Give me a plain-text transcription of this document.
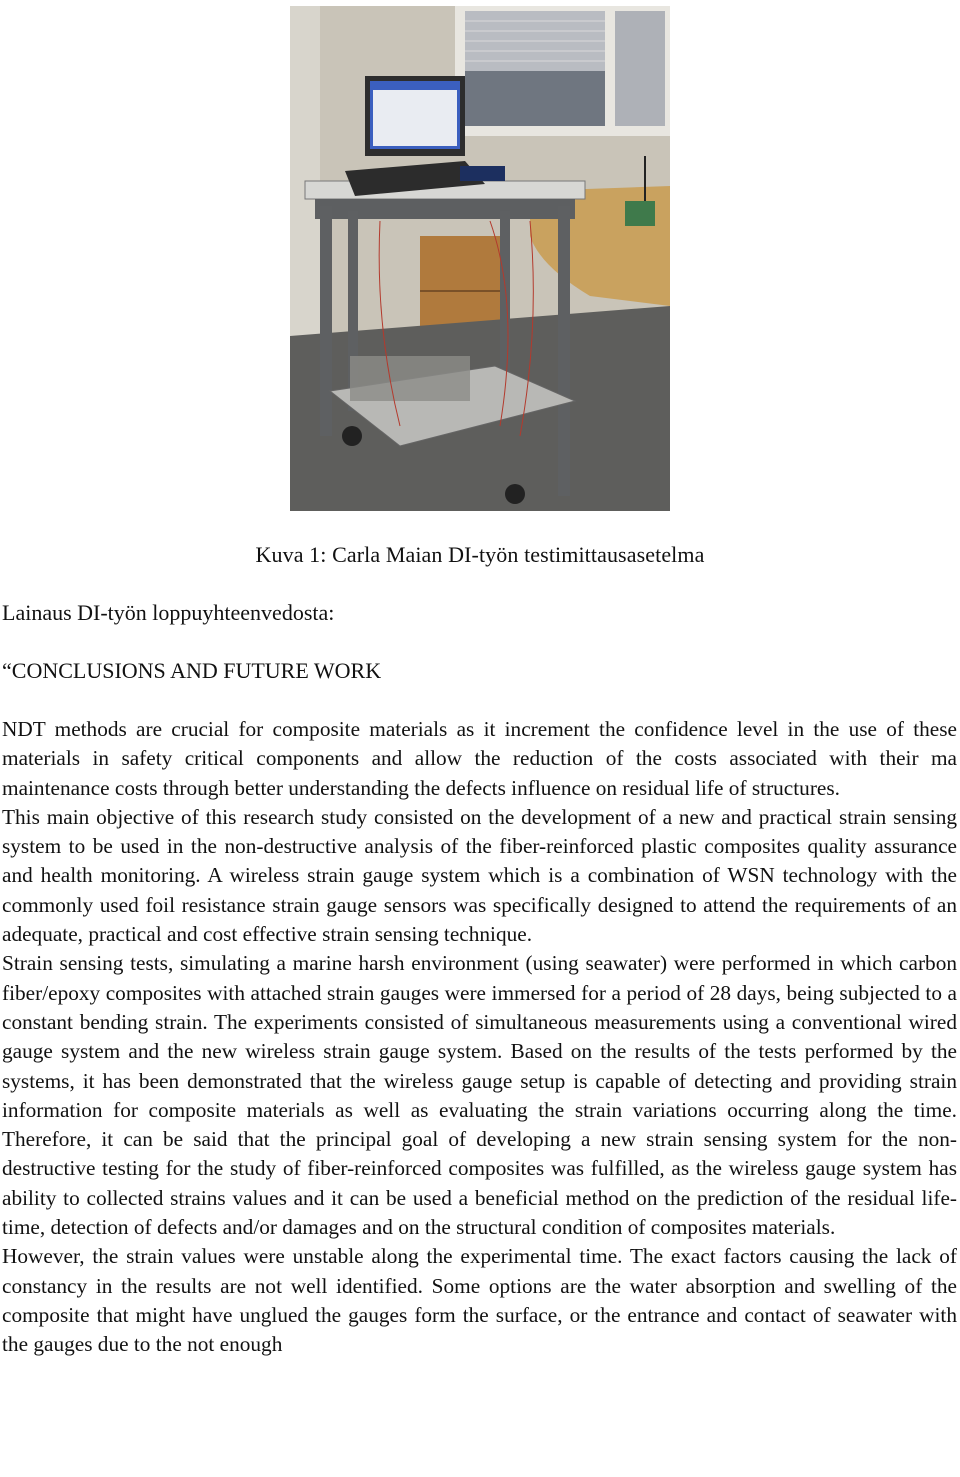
Kuva 1: Carla Maian DI-työn testimittausasetelma
Lainaus DI-työn loppuyhteenvedosta:
“CONCLUSIONS AND FUTURE WORK

NDT methods are crucial for composite materials as it increment the confidence level in the use of these materials in safety critical components and allow the reduction of the costs associated with their ma maintenance costs through better understanding the defects influence on residual life of structures.

This main objective of this research study consisted on the development of a new and practical strain sensing system to be used in the non-destructive analysis of the fiber-reinforced plastic composites quality assurance and health monitoring. A wireless strain gauge system which is a combination of WSN technology with the commonly used foil resistance strain gauge sensors was specifically designed to attend the requirements of an adequate, practical and cost effective strain sensing technique.

Strain sensing tests, simulating a marine harsh environment (using seawater) were performed in which carbon fiber/epoxy composites with attached strain gauges were immersed for a period of 28 days, being subjected to a constant bending strain. The experiments consisted of simultaneous measurements using a conventional wired gauge system and the new wireless strain gauge system. Based on the results of the tests performed by the systems, it has been demonstrated that the wireless gauge setup is capable of detecting and providing strain information for composite materials as well as evaluating the strain variations occurring along the time. Therefore, it can be said that the principal goal of developing a new strain sensing system for the non-destructive testing for the study of fiber-reinforced composites was fulfilled, as the wireless gauge system has ability to collected strains values and it can be used a beneficial method on the prediction of the residual life-time, detection of defects and/or damages and on the structural condition of composites materials.

However, the strain values were unstable along the experimental time. The exact factors causing the lack of constancy in the results are not well identified. Some options are the water absorption and swelling of the composite that might have unglued the gauges form the surface, or the entrance and contact of seawater with the gauges due to the not enough
